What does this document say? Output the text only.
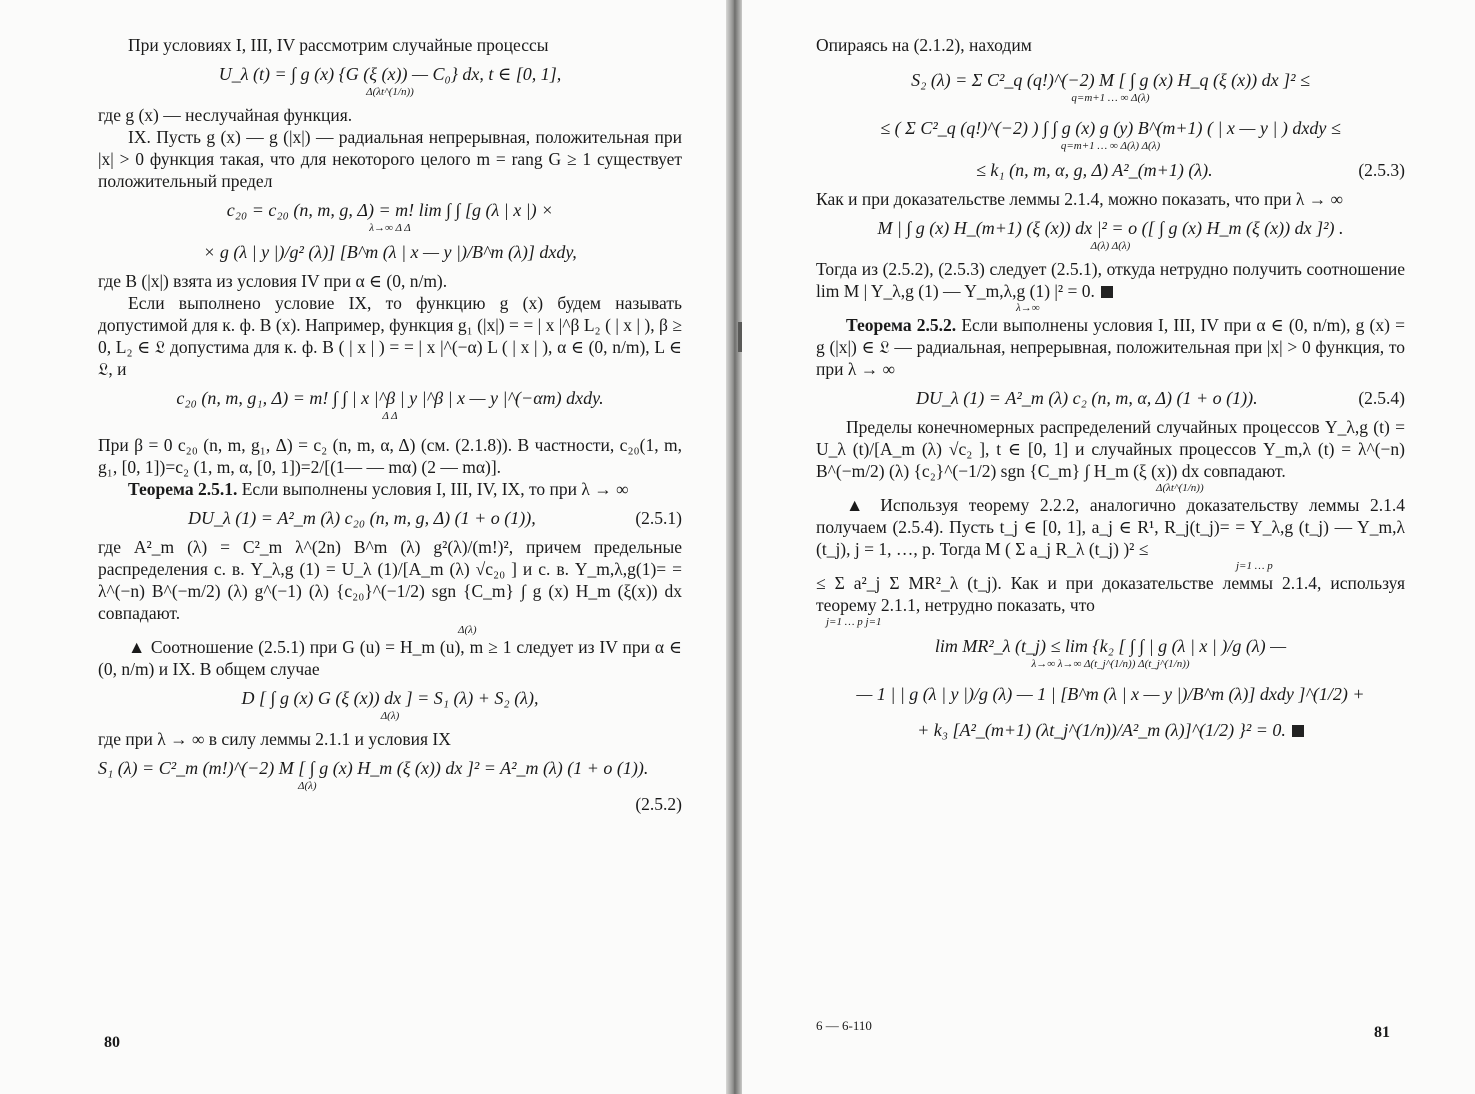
При условиях I, III, IV рассмотрим случайные процессы

U_λ (t) = ∫ g (x) {G (ξ (x)) — C₀} dx, t ∈ [0, 1],
Δ(λt^(1/n))

где g (x) — неслучайная функция.

IX. Пусть g (x) — g (|x|) — радиальная непрерывная, положительная при |x| > 0 функция такая, что для некоторого целого m = rang G ≥ 1 существует положительный предел

c₂₀ = c₂₀ (n, m, g, Δ) = m! lim ∫ ∫ [g (λ | x |) ×
λ→∞ Δ Δ
× g (λ | y |)/g² (λ)] [B^m (λ | x — y |)/B^m (λ)] dxdy,

где B (|x|) взята из условия IV при α ∈ (0, n/m).

Если выполнено условие IX, то функцию g (x) будем называть допустимой для к. ф. B (x). Например, функция g₁ (|x|) = = | x |^β L₂ ( | x | ), β ≥ 0, L₂ ∈ 𝔏 допустима для к. ф. B ( | x | ) = = | x |^(−α) L ( | x | ), α ∈ (0, n/m), L ∈ 𝔏, и

c₂₀ (n, m, g₁, Δ) = m! ∫ ∫ | x |^β | y |^β | x — y |^(−αm) dxdy.
Δ Δ

При β = 0 c₂₀ (n, m, g₁, Δ) = c₂ (n, m, α, Δ) (см. (2.1.8)). В частности, c₂₀(1, m, g₁, [0, 1])=c₂ (1, m, α, [0, 1])=2/[(1— — mα) (2 — mα)].

Теорема 2.5.1. Если выполнены условия I, III, IV, IX, то при λ → ∞

DU_λ (1) = A²_m (λ) c₂₀ (n, m, g, Δ) (1 + o (1)),	(2.5.1)

где A²_m (λ) = C²_m λ^(2n) B^m (λ) g²(λ)/(m!)², причем предельные распределения с. в. Y_λ,g (1) = U_λ (1)/[A_m (λ) √c₂₀ ] и с. в. Y_m,λ,g(1)= = λ^(−n) B^(−m/2) (λ) g^(−1) (λ) {c₂₀}^(−1/2) sgn {C_m} ∫ g (x) H_m (ξ(x)) dx совпадают.

Δ(λ)

▲ Соотношение (2.5.1) при G (u) = H_m (u), m ≥ 1 следует из IV при α ∈ (0, n/m) и IX. В общем случае

D [ ∫ g (x) G (ξ (x)) dx ] = S₁ (λ) + S₂ (λ),
Δ(λ)

где при λ → ∞ в силу леммы 2.1.1 и условия IX

S₁ (λ) = C²_m (m!)^(−2) M [ ∫ g (x) H_m (ξ (x)) dx ]² = A²_m (λ) (1 + o (1)).
Δ(λ)
(2.5.2)
80

Опираясь на (2.1.2), находим

S₂ (λ) = Σ C²_q (q!)^(−2) M [ ∫ g (x) H_q (ξ (x)) dx ]² ≤
q=m+1 … ∞ Δ(λ)
≤ ( Σ C²_q (q!)^(−2) ) ∫ ∫ g (x) g (y) B^(m+1) ( | x — y | ) dxdy ≤
q=m+1 … ∞ Δ(λ) Δ(λ)
≤ k₁ (n, m, α, g, Δ) A²_(m+1) (λ).	(2.5.3)

Как и при доказательстве леммы 2.1.4, можно показать, что при λ → ∞

M | ∫ g (x) H_(m+1) (ξ (x)) dx |² = o ([ ∫ g (x) H_m (ξ (x)) dx ]²) .
Δ(λ) Δ(λ)

Тогда из (2.5.2), (2.5.3) следует (2.5.1), откуда нетрудно получить соотношение lim M | Y_λ,g (1) — Y_m,λ,g (1) |² = 0.

λ→∞

Теорема 2.5.2. Если выполнены условия I, III, IV при α ∈ (0, n/m), g (x) = g (|x|) ∈ 𝔏 — радиальная, непрерывная, положительная при |x| > 0 функция, то при λ → ∞

DU_λ (1) = A²_m (λ) c₂ (n, m, α, Δ) (1 + o (1)).	(2.5.4)

Пределы конечномерных распределений случайных процессов Y_λ,g (t) = U_λ (t)/[A_m (λ) √c₂ ], t ∈ [0, 1] и случайных процессов Y_m,λ (t) = λ^(−n) B^(−m/2) (λ) {c₂}^(−1/2) sgn {C_m} ∫ H_m (ξ (x)) dx совпадают.

Δ(λt^(1/n))

▲ Используя теорему 2.2.2, аналогично доказательству леммы 2.1.4 получаем (2.5.4). Пусть t_j ∈ [0, 1], a_j ∈ R¹, R_j(t_j)= = Y_λ,g (t_j) — Y_m,λ (t_j), j = 1, …, p. Тогда M ( Σ a_j R_λ (t_j) )² ≤

j=1 … p

≤ Σ a²_j Σ MR²_λ (t_j). Как и при доказательстве леммы 2.1.4, используя теорему 2.1.1, нетрудно показать, что

j=1 … p j=1
lim MR²_λ (t_j) ≤ lim {k₂ [ ∫ ∫ | g (λ | x | )/g (λ) —
λ→∞ λ→∞ Δ(t_j^(1/n)) Δ(t_j^(1/n))
— 1 | | g (λ | y |)/g (λ) — 1 | [B^m (λ | x — y |)/B^m (λ)] dxdy ]^(1/2) +
+ k₃ [A²_(m+1) (λt_j^(1/n))/A²_m (λ)]^(1/2) }² = 0.
6 — 6-110	81
